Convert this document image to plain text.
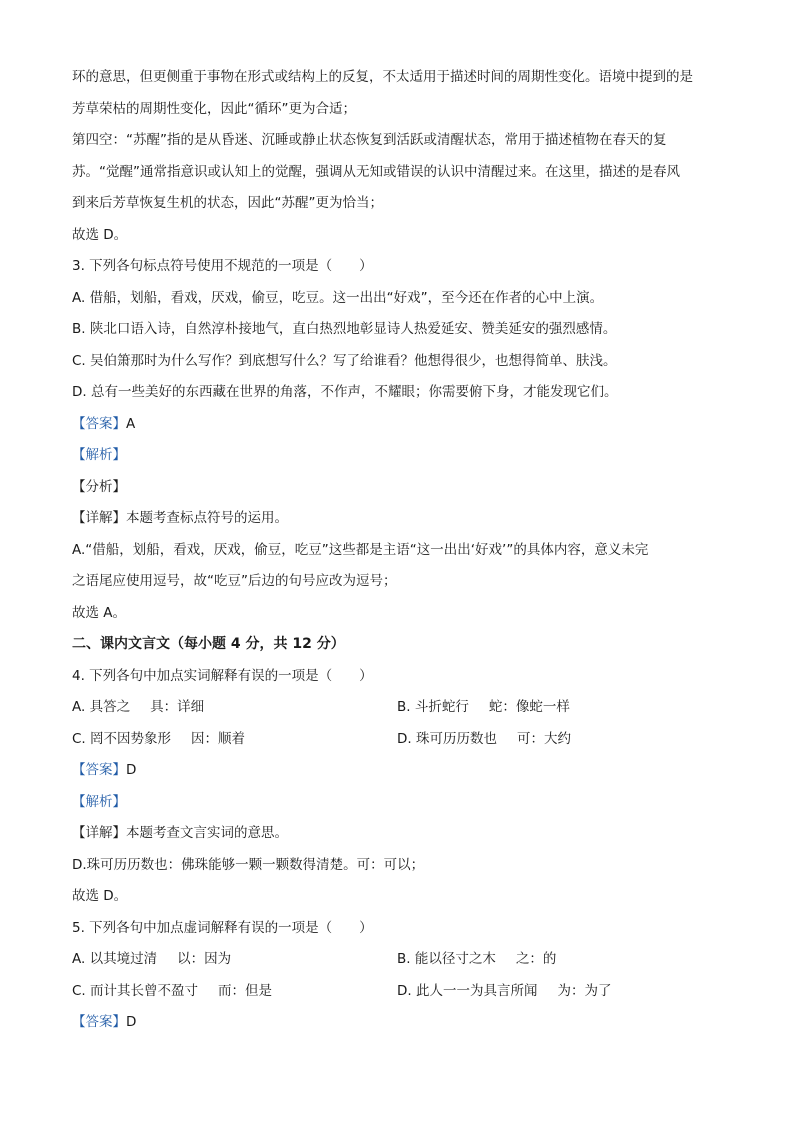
环的意思，但更侧重于事物在形式或结构上的反复，不太适用于描述时间的周期性变化。语境中提到的是
芳草荣枯的周期性变化，因此“循环”更为合适；
第四空：“苏醒”指的是从昏迷、沉睡或静止状态恢复到活跃或清醒状态，常用于描述植物在春天的复
苏。“觉醒”通常指意识或认知上的觉醒，强调从无知或错误的认识中清醒过来。在这里，描述的是春风
到来后芳草恢复生机的状态，因此“苏醒”更为恰当；
故选 D。
3. 下列各句标点符号使用不规范的一项是（　　）
A. 借船，划船，看戏，厌戏，偷豆，吃豆。这一出出“好戏”，至今还在作者的心中上演。
B. 陕北口语入诗，自然淳朴接地气，直白热烈地彰显诗人热爱延安、赞美延安的强烈感情。
C. 吴伯箫那时为什么写作？到底想写什么？写了给谁看？他想得很少，也想得简单、肤浅。
D. 总有一些美好的东西藏在世界的角落，不作声，不耀眼；你需要俯下身，才能发现它们。
【答案】A
【解析】
【分析】
【详解】本题考查标点符号的运用。
A.“借船，划船，看戏，厌戏，偷豆，吃豆”这些都是主语“这一出出‘好戏’”的具体内容，意义未完
之语尾应使用逗号，故“吃豆”后边的句号应改为逗号；
故选 A。
二、课内文言文（每小题 4 分，共 12 分）
4. 下列各句中加点实词解释有误的一项是（　　）
A. 具答之 具：详细	B. 斗折蛇行 蛇：像蛇一样
C. 罔不因势象形 因：顺着	D. 珠可历历数也 可：大约
【答案】D
【解析】
【详解】本题考查文言实词的意思。
D.珠可历历数也：佛珠能够一颗一颗数得清楚。可：可以；
故选 D。
5. 下列各句中加点虚词解释有误的一项是（　　）
A. 以其境过清 以：因为	B. 能以径寸之木 之：的
C. 而计其长曾不盈寸 而：但是	D. 此人一一为具言所闻 为：为了
【答案】D
